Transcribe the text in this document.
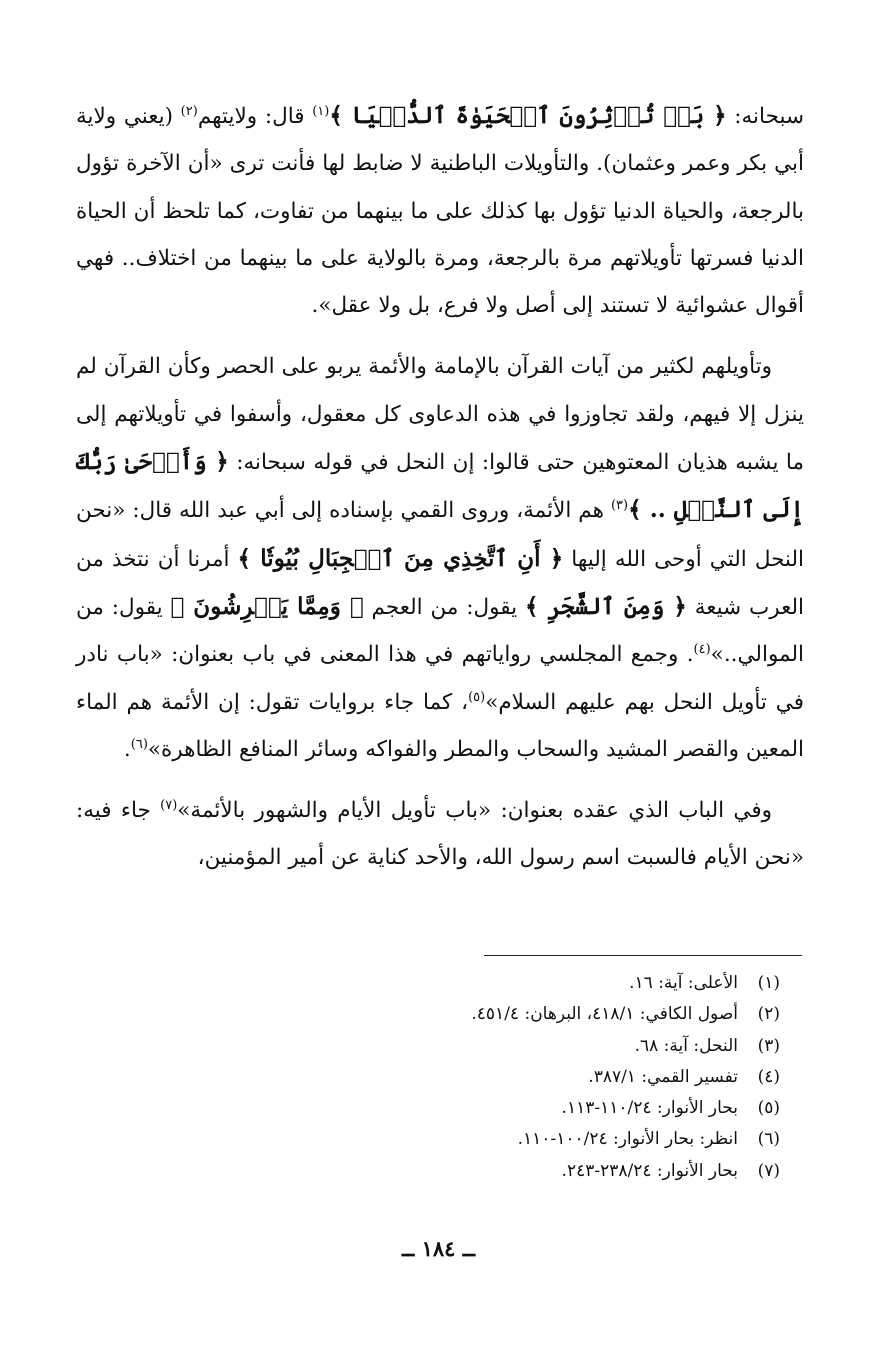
سبحانه: ﴿ بَلۡ تُؤۡثِرُونَ ٱلۡحَيَوٰةَ ٱلدُّنۡيَا ﴾$^{(١)}$ قال: ولايتهم$^{(٢)}$ (يعني ولاية أبي بكر وعمر وعثمان). والتأويلات الباطنية لا ضابط لها فأنت ترى «أن الآخرة تؤول بالرجعة، والحياة الدنيا تؤول بها كذلك على ما بينهما من تفاوت، كما تلحظ أن الحياة الدنيا فسرتها تأويلاتهم مرة بالرجعة، ومرة بالولاية على ما بينهما من اختلاف.. فهي أقوال عشوائية لا تستند إلى أصل ولا فرع، بل ولا عقل».

وتأويلهم لكثير من آيات القرآن بالإمامة والأئمة يربو على الحصر وكأن القرآن لم ينزل إلا فيهم، ولقد تجاوزوا في هذه الدعاوى كل معقول، وأسفوا في تأويلاتهم إلى ما يشبه هذيان المعتوهين حتى قالوا: إن النحل في قوله سبحانه: ﴿ وَأَوۡحَىٰ رَبُّكَ إِلَى ٱلنَّحۡلِ .. ﴾$^{(٣)}$ هم الأئمة، وروى القمي بإسناده إلى أبي عبد الله قال: «نحن النحل التي أوحى الله إليها ﴿ أَنِ ٱتَّخِذِي مِنَ ٱلۡجِبَالِ بُيُوتٗا ﴾ أمرنا أن نتخذ من العرب شيعة ﴿ وَمِنَ ٱلشَّجَرِ ﴾ يقول: من العجم ﴿ وَمِمَّا يَعۡرِشُونَ ﴾ يقول: من الموالي..»$^{(٤)}$. وجمع المجلسي رواياتهم في هذا المعنى في باب بعنوان: «باب نادر في تأويل النحل بهم عليهم السلام»$^{(٥)}$، كما جاء بروايات تقول: إن الأئمة هم الماء المعين والقصر المشيد والسحاب والمطر والفواكه وسائر المنافع الظاهرة»$^{(٦)}$.

وفي الباب الذي عقده بعنوان: «باب تأويل الأيام والشهور بالأئمة»$^{(٧)}$ جاء فيه: «نحن الأيام فالسبت اسم رسول الله، والأحد كناية عن أمير المؤمنين،

(١)
الأعلى: آية: ١٦.
(٢)
أصول الكافي: ٤١٨/١، البرهان: ٤٥١/٤.
(٣)
النحل: آية: ٦٨.
(٤)
تفسير القمي: ٣٨٧/١.
(٥)
بحار الأنوار: ١١٠/٢٤-١١٣.
(٦)
انظر: بحار الأنوار: ١٠٠/٢٤-١١٠.
(٧)
بحار الأنوار: ٢٣٨/٢٤-٢٤٣.
ــ ١٨٤ ــ
